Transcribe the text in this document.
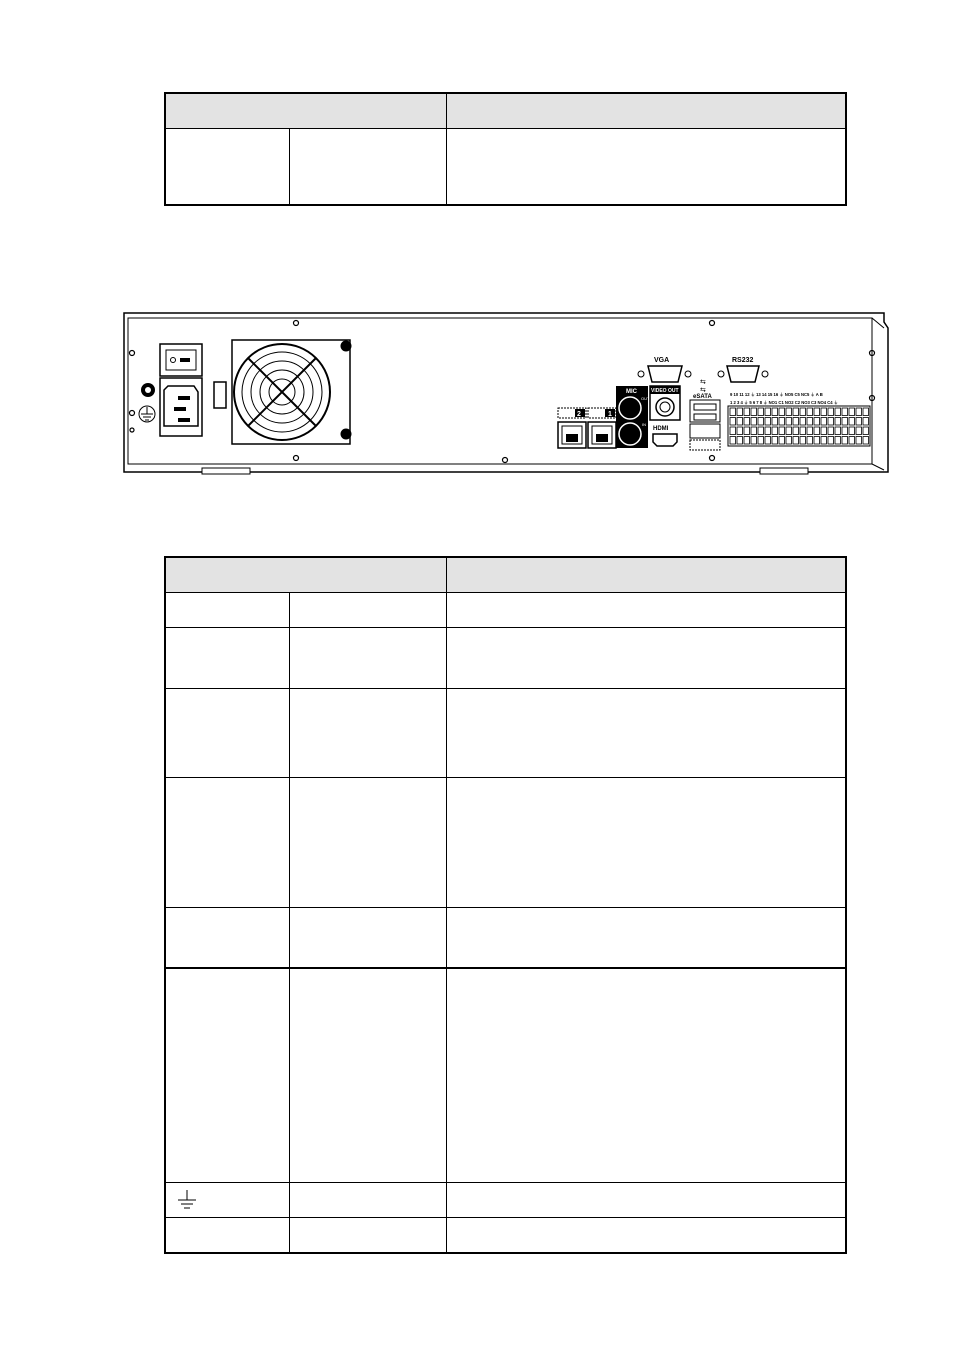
2	1
MIC
OUT
IN
VIDEO OUT
HDMI
VGA	RS232
⇆
⇆
eSATA	9 10 11 12 ⏚ 13 14 15 16 ⏚ NO5 C5 NC5 ⏚ A B
1 2 3 4 ⏚ 5 6 7 8 ⏚ NO1 C1 NO2 C2 NO3 C3 NO4 C4 ⏚
